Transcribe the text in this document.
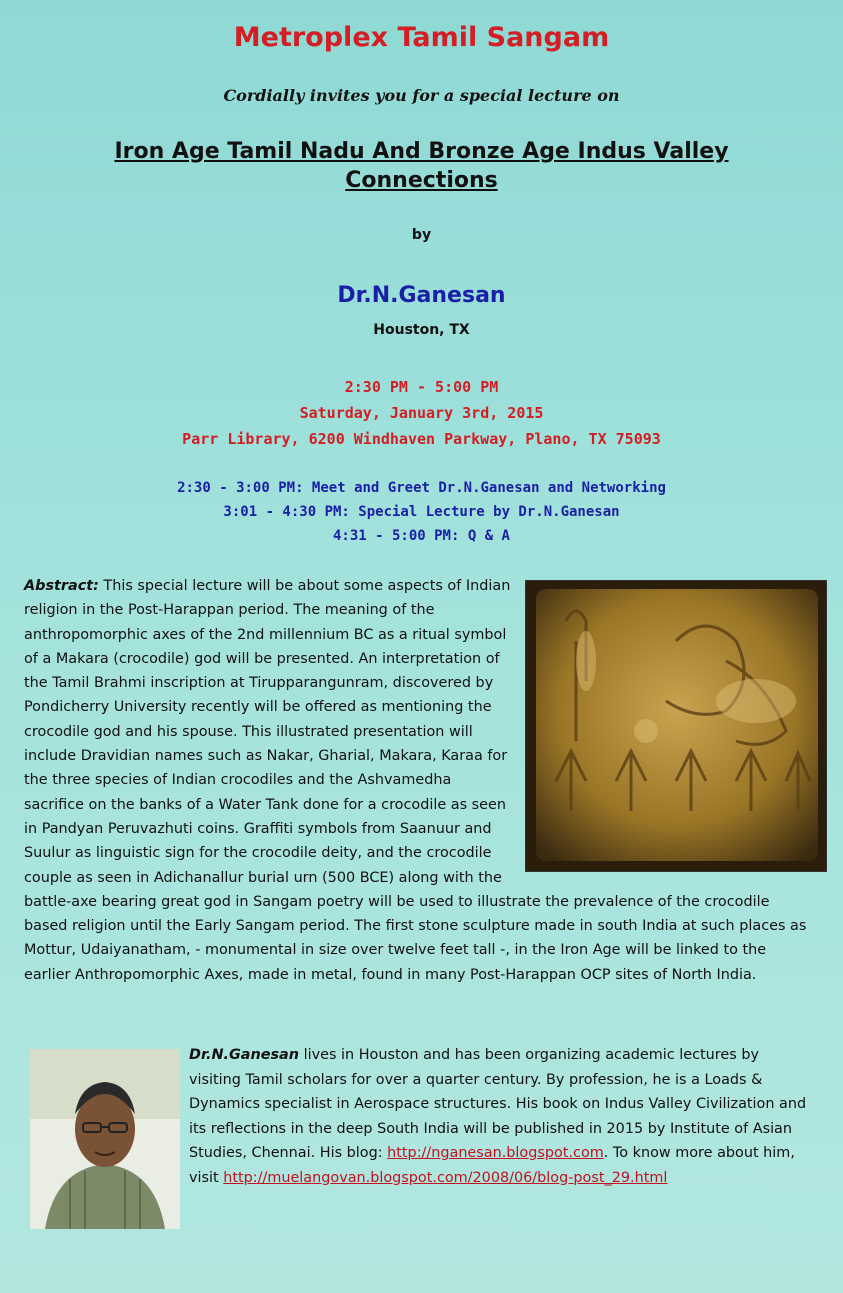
Metroplex Tamil Sangam
Cordially invites you for a special lecture on
Iron Age Tamil Nadu And Bronze Age Indus Valley Connections
by
Dr.N.Ganesan
Houston, TX
2:30 PM - 5:00 PM
Saturday, January 3rd, 2015
Parr Library, 6200 Windhaven Parkway, Plano, TX 75093
2:30 - 3:00 PM: Meet and Greet Dr.N.Ganesan and Networking
3:01 - 4:30 PM: Special Lecture by Dr.N.Ganesan
4:31 - 5:00 PM: Q & A

Abstract: This special lecture will be about some aspects of Indian religion in the Post-Harappan period. The meaning of the anthropomorphic axes of the 2nd millennium BC as a ritual symbol of a Makara (crocodile) god will be presented. An interpretation of the Tamil Brahmi inscription at Tirupparangunram, discovered by Pondicherry University recently will be offered as mentioning the crocodile god and his spouse. This illustrated presentation will include Dravidian names such as Nakar, Gharial, Makara, Karaa for the three species of Indian crocodiles and the Ashvamedha sacrifice on the banks of a Water Tank done for a crocodile as seen in Pandyan Peruvazhuti coins. Graffiti symbols from Saanuur and Suulur as linguistic sign for the crocodile deity, and the crocodile couple as seen in Adichanallur burial urn (500 BCE) along with the battle-axe bearing great god in Sangam poetry will be used to illustrate the prevalence of the crocodile based religion until the Early Sangam period. The first stone sculpture made in south India at such places as Mottur, Udaiyanatham, - monumental in size over twelve feet tall -, in the Iron Age will be linked to the earlier Anthropomorphic Axes, made in metal, found in many Post-Harappan OCP sites of North India.

Dr.N.Ganesan lives in Houston and has been organizing academic lectures by visiting Tamil scholars for over a quarter century. By profession, he is a Loads & Dynamics specialist in Aerospace structures. His book on Indus Valley Civilization and its reflections in the deep South India will be published in 2015 by Institute of Asian Studies, Chennai. His blog: http://nganesan.blogspot.com. To know more about him, visit http://muelangovan.blogspot.com/2008/06/blog-post_29.html
